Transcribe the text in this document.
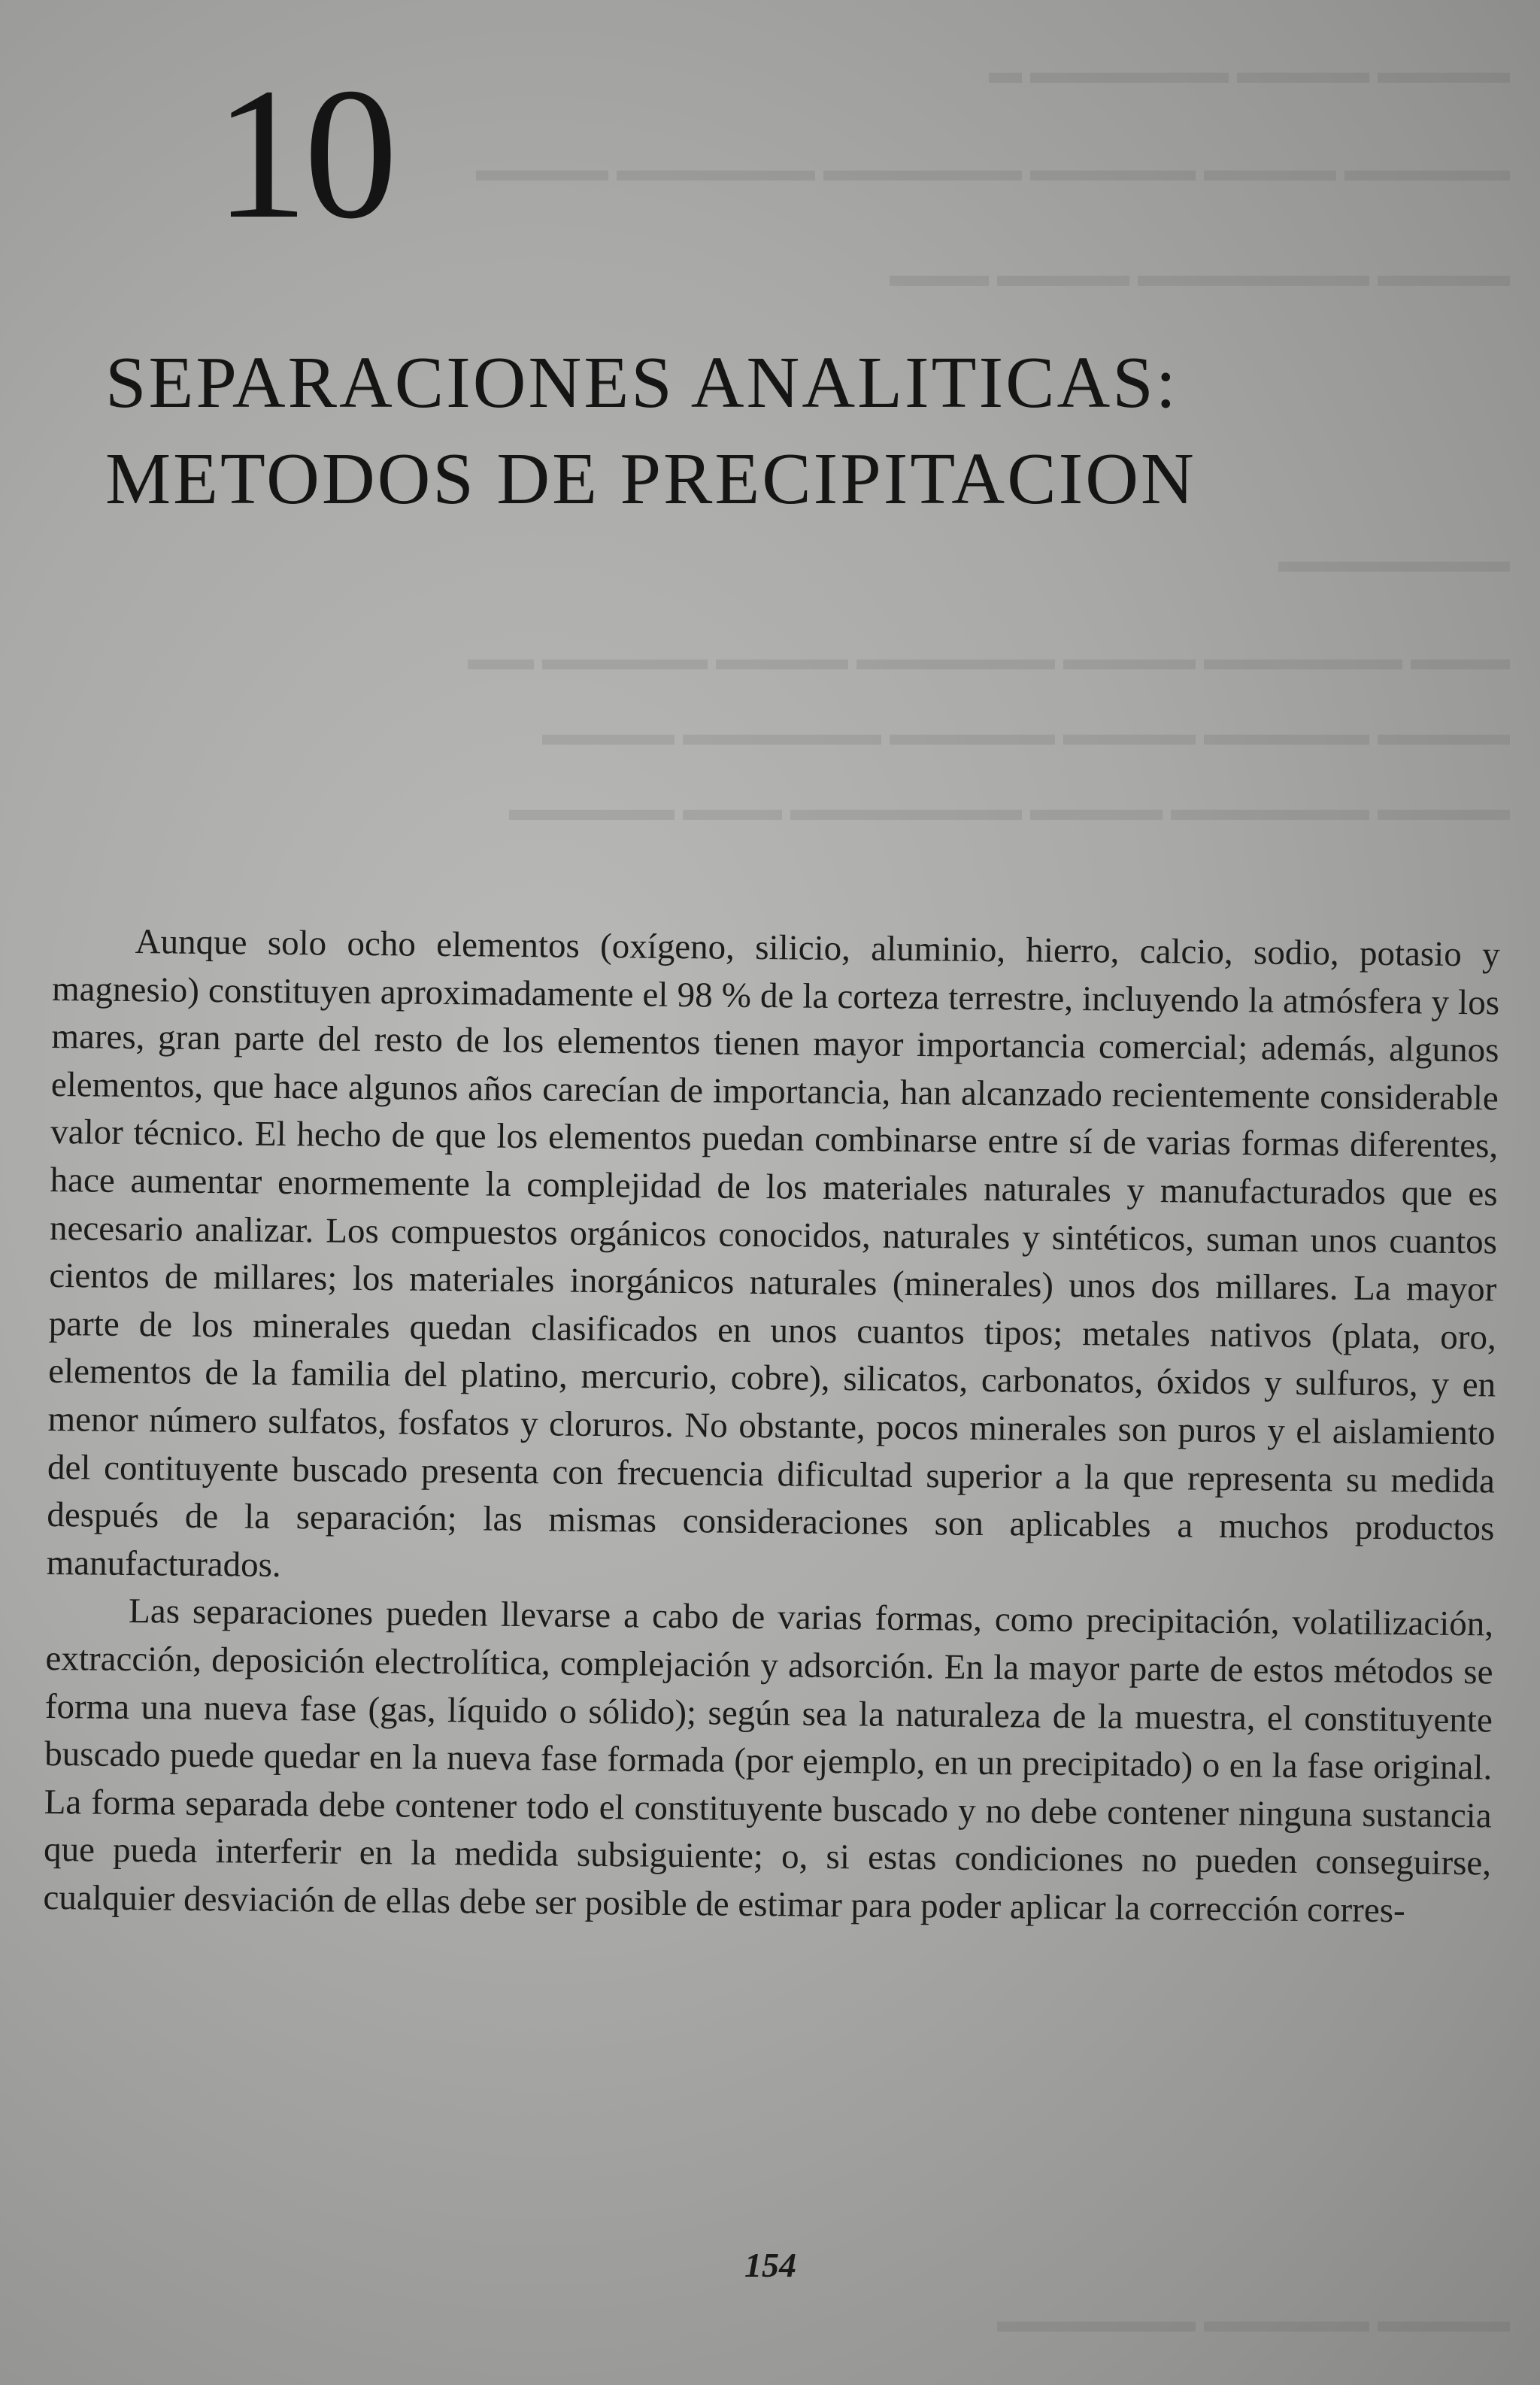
▬▬▬▬ ▬▬▬▬ ▬▬▬▬▬▬ ▬
▬▬▬▬▬ ▬▬▬▬ ▬▬▬▬▬ ▬▬▬▬▬▬ ▬▬▬▬▬▬ ▬▬▬▬
▬▬▬▬ ▬▬▬▬▬▬▬ ▬▬▬▬ ▬▬▬
▬▬▬▬▬▬▬
▬▬▬ ▬▬▬▬▬▬ ▬▬▬▬ ▬▬▬▬▬▬ ▬▬▬▬ ▬▬▬▬▬ ▬▬
▬▬▬▬ ▬▬▬▬▬ ▬▬▬▬ ▬▬▬▬▬ ▬▬▬▬▬▬ ▬▬▬▬
▬▬▬▬ ▬▬▬▬▬▬ ▬▬▬▬ ▬▬▬▬▬▬▬ ▬▬▬ ▬▬▬▬▬
▬▬▬▬ ▬▬▬▬▬ ▬▬▬▬▬▬
10
SEPARACIONES ANALITICAS:
METODOS DE PRECIPITACION

Aunque solo ocho elementos (oxígeno, silicio, aluminio, hierro, calcio, sodio, potasio y magnesio) constituyen aproximadamente el 98 % de la corteza terrestre, incluyendo la atmósfera y los mares, gran parte del resto de los elementos tienen mayor importancia comercial; además, algunos elementos, que hace algunos años carecían de importancia, han alcanzado recientemente considerable valor técnico. El hecho de que los elementos puedan combinarse entre sí de varias formas diferentes, hace aumentar enormemente la complejidad de los materiales naturales y manufacturados que es necesario analizar. Los compuestos orgánicos conocidos, naturales y sintéticos, suman unos cuantos cientos de millares; los materiales inorgánicos naturales (minerales) unos dos millares. La mayor parte de los minerales quedan clasificados en unos cuantos tipos; metales nativos (plata, oro, elementos de la familia del platino, mercurio, cobre), silicatos, carbonatos, óxidos y sulfuros, y en menor número sulfatos, fosfatos y cloruros. No obstante, pocos minerales son puros y el aislamiento del contituyente buscado presenta con frecuencia dificultad superior a la que representa su medida después de la separación; las mismas consideraciones son aplicables a muchos productos manufacturados.

Las separaciones pueden llevarse a cabo de varias formas, como precipitación, volatilización, extracción, deposición electrolítica, complejación y adsorción. En la mayor parte de estos métodos se forma una nueva fase (gas, líquido o sólido); según sea la naturaleza de la muestra, el constituyente buscado puede quedar en la nueva fase formada (por ejemplo, en un precipitado) o en la fase original. La forma separada debe contener todo el constituyente buscado y no debe contener ninguna sustancia que pueda interferir en la medida subsiguiente; o, si estas condiciones no pueden conseguirse, cualquier desviación de ellas debe ser posible de estimar para poder aplicar la corrección corres-

154
